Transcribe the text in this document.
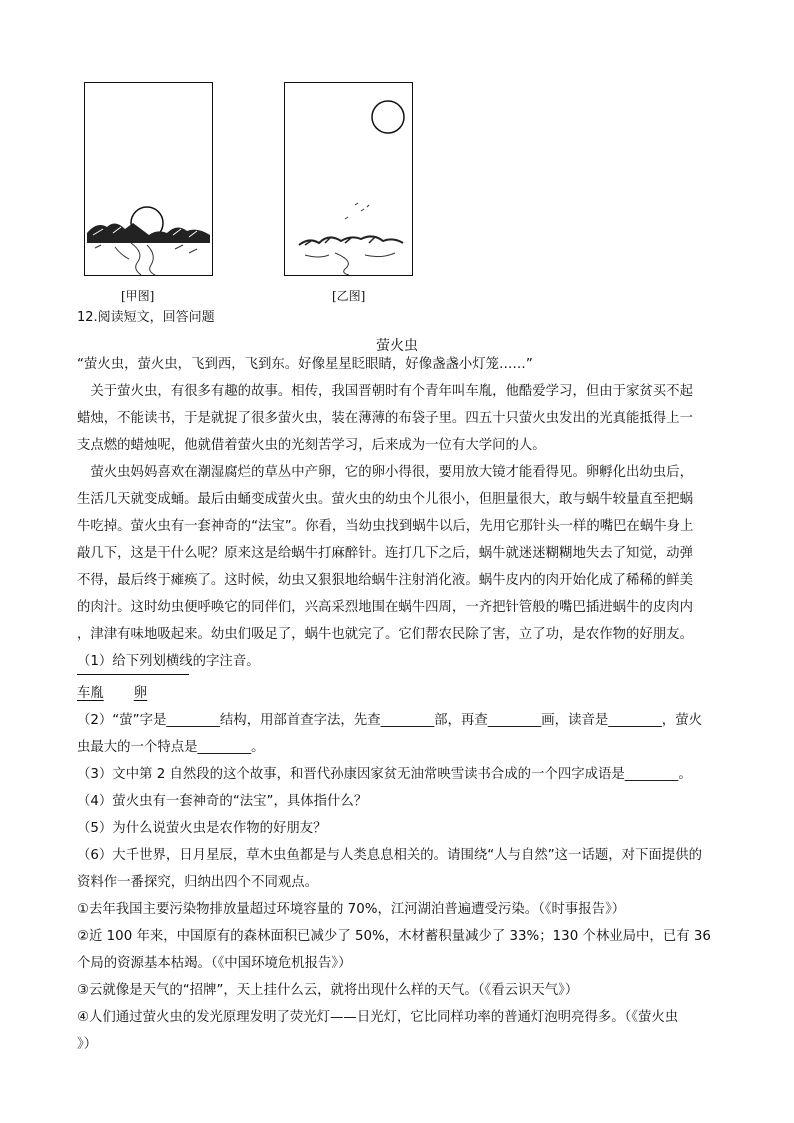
[甲图]	[乙图]
12.阅读短文，回答问题
萤火虫
“萤火虫，萤火虫，飞到西，飞到东。好像星星眨眼睛，好像盏盏小灯笼……”
　关于萤火虫，有很多有趣的故事。相传，我国晋朝时有个青年叫车胤，他酷爱学习，但由于家贫买不起
蜡烛，不能读书，于是就捉了很多萤火虫，装在薄薄的布袋子里。四五十只萤火虫发出的光真能抵得上一
支点燃的蜡烛呢，他就借着萤火虫的光刻苦学习，后来成为一位有大学问的人。
　萤火虫妈妈喜欢在潮湿腐烂的草丛中产卵，它的卵小得很，要用放大镜才能看得见。卵孵化出幼虫后，
生活几天就变成蛹。最后由蛹变成萤火虫。萤火虫的幼虫个儿很小，但胆量很大，敢与蜗牛较量直至把蜗
牛吃掉。萤火虫有一套神奇的“法宝”。你看，当幼虫找到蜗牛以后，先用它那针头一样的嘴巴在蜗牛身上
敲几下，这是干什么呢？原来这是给蜗牛打麻醉针。连打几下之后，蜗牛就迷迷糊糊地失去了知觉，动弹
不得，最后终于瘫痪了。这时候，幼虫又狠狠地给蜗牛注射消化液。蜗牛皮内的肉开始化成了稀稀的鲜美
的肉汁。这时幼虫便呼唤它的同伴们，兴高采烈地围在蜗牛四周，一齐把针管般的嘴巴插进蜗牛的皮肉内
，津津有味地吸起来。幼虫们吸足了，蜗牛也就完了。它们帮农民除了害，立了功，是农作物的好朋友。
（1）给下列划横线的字注音。
车胤 卵
（2）“萤”字是________结构，用部首查字法，先查________部，再查________画，读音是________，萤火
虫最大的一个特点是________。
（3）文中第 2 自然段的这个故事，和晋代孙康因家贫无油常映雪读书合成的一个四字成语是________。
（4）萤火虫有一套神奇的“法宝”，具体指什么？
（5）为什么说萤火虫是农作物的好朋友？
（6）大千世界，日月星辰，草木虫鱼都是与人类息息相关的。请围绕“人与自然”这一话题，对下面提供的
资料作一番探究，归纳出四个不同观点。
①去年我国主要污染物排放量超过环境容量的 70%，江河湖泊普遍遭受污染。（《时事报告》）
②近 100 年来，中国原有的森林面积已减少了 50%，木材蓄积量减少了 33%；130 个林业局中，已有 36
个局的资源基本枯竭。（《中国环境危机报告》）
③云就像是天气的“招牌”，天上挂什么云，就将出现什么样的天气。（《看云识天气》）
④人们通过萤火虫的发光原理发明了荧光灯——日光灯，它比同样功率的普通灯泡明亮得多。（《萤火虫
》）
